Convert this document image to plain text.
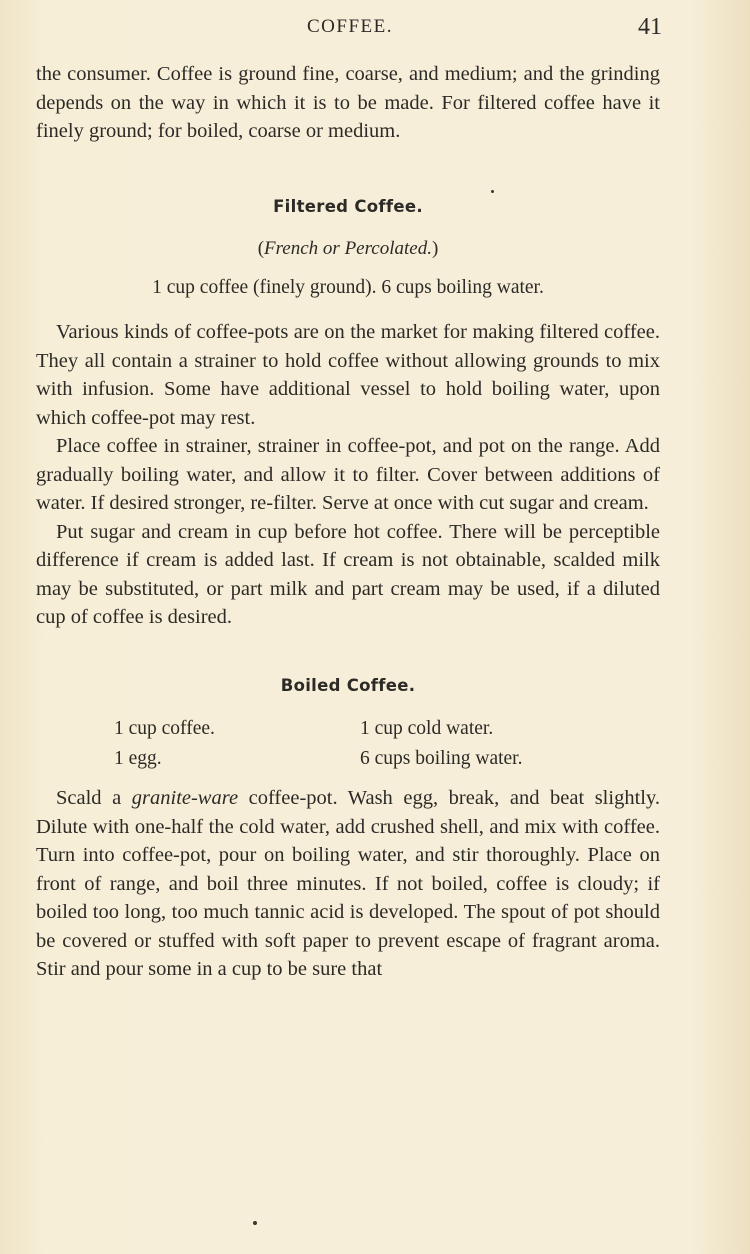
COFFEE.	41

the consumer. Coffee is ground fine, coarse, and medium; and the grinding depends on the way in which it is to be made. For filtered coffee have it finely ground; for boiled, coarse or medium.

Filtered Coffee.
(French or Percolated.)
1 cup coffee (finely ground). 6 cups boiling water.

Various kinds of coffee-pots are on the market for making filtered coffee. They all contain a strainer to hold coffee without allowing grounds to mix with infusion. Some have additional vessel to hold boiling water, upon which coffee-pot may rest.

Place coffee in strainer, strainer in coffee-pot, and pot on the range. Add gradually boiling water, and allow it to filter. Cover between additions of water. If desired stronger, re-filter. Serve at once with cut sugar and cream.

Put sugar and cream in cup before hot coffee. There will be perceptible difference if cream is added last. If cream is not obtainable, scalded milk may be substituted, or part milk and part cream may be used, if a diluted cup of coffee is desired.

Boiled Coffee.
1 cup coffee.	1 cup cold water.
1 egg.	6 cups boiling water.

Scald a granite-ware coffee-pot. Wash egg, break, and beat slightly. Dilute with one-half the cold water, add crushed shell, and mix with coffee. Turn into coffee-pot, pour on boiling water, and stir thoroughly. Place on front of range, and boil three minutes. If not boiled, coffee is cloudy; if boiled too long, too much tannic acid is developed. The spout of pot should be covered or stuffed with soft paper to prevent escape of fragrant aroma. Stir and pour some in a cup to be sure that
